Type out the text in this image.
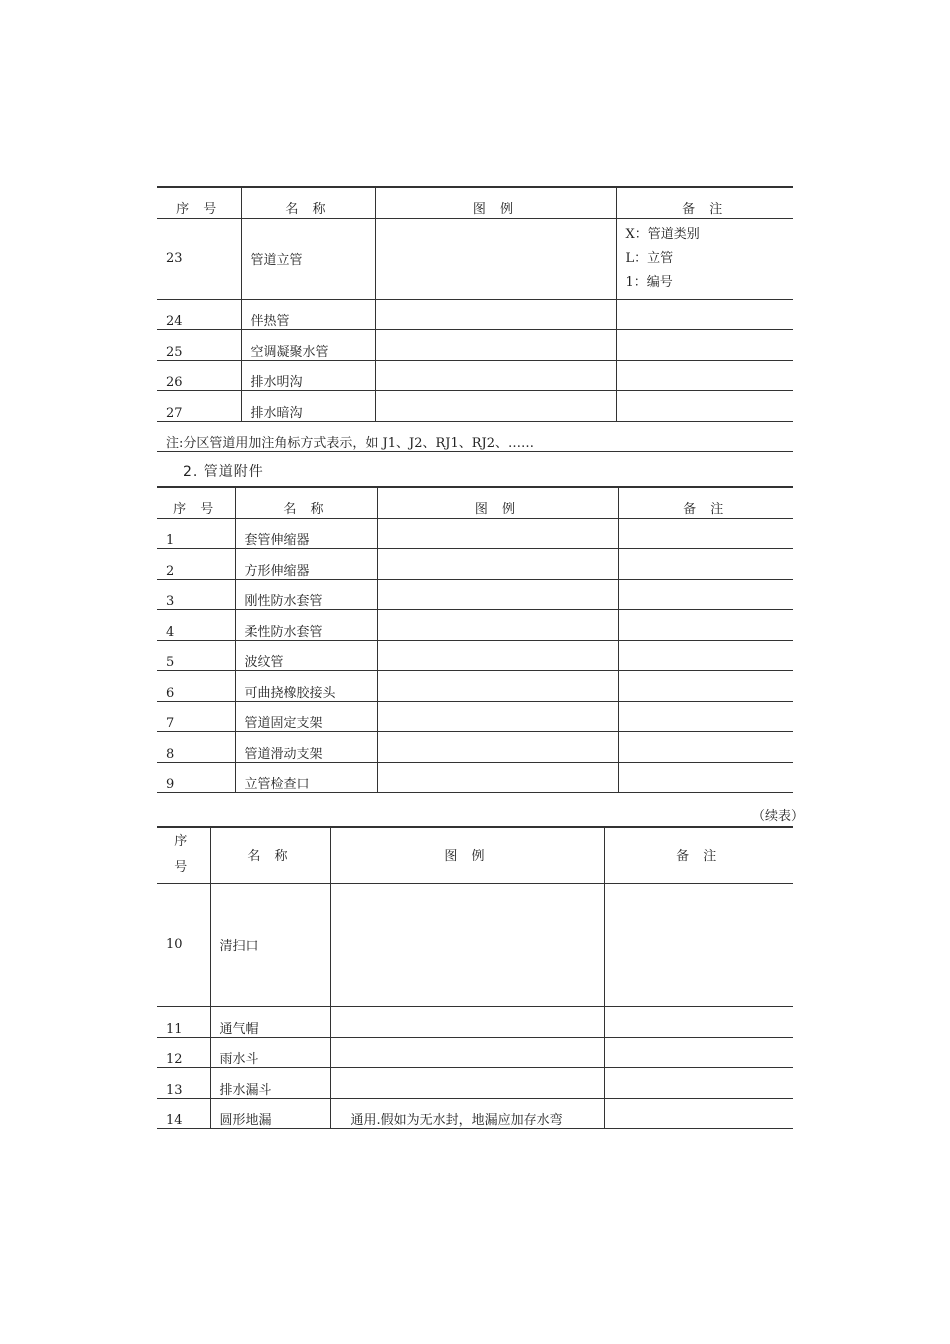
序 号	名 称	图 例	备 注
23	管道立管		X：管道类别
L：立管
1：编号

24	伴热管		
25	空调凝聚水管		
26	排水明沟		
27	排水暗沟		
注:分区管道用加注角标方式表示，如 J1、J2、RJ1、RJ2、……			
2. 管道附件
序 号	名 称	图 例	备 注
1	套管伸缩器		
2	方形伸缩器		
3	刚性防水套管		
4	柔性防水套管		
5	波纹管		
6	可曲挠橡胶接头		
7	管道固定支架		
8	管道滑动支架		
9	立管检查口		
（续表）
序
号	名 称	图 例	备 注
10	清扫口		
11	通气帽		
12	雨水斗		
13	排水漏斗		
14	圆形地漏	通用.假如为无水封，地漏应加存水弯	
